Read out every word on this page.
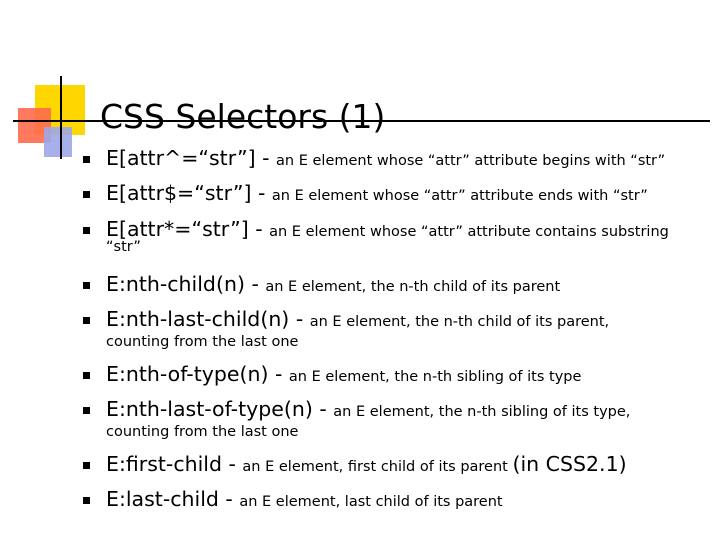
CSS Selectors (1)
E[attr^=“str”] - an E element whose “attr” attribute begins with “str”
E[attr$=“str”] - an E element whose “attr” attribute ends with “str”
E[attr*=“str”] - an E element whose “attr” attribute contains substring
“str”
E:nth-child(n) - an E element, the n-th child of its parent
E:nth-last-child(n) - an E element, the n-th child of its parent,
counting from the last one
E:nth-of-type(n) - an E element, the n-th sibling of its type
E:nth-last-of-type(n) - an E element, the n-th sibling of its type,
counting from the last one
E:first-child - an E element, first child of its parent (in CSS2.1)
E:last-child - an E element, last child of its parent
